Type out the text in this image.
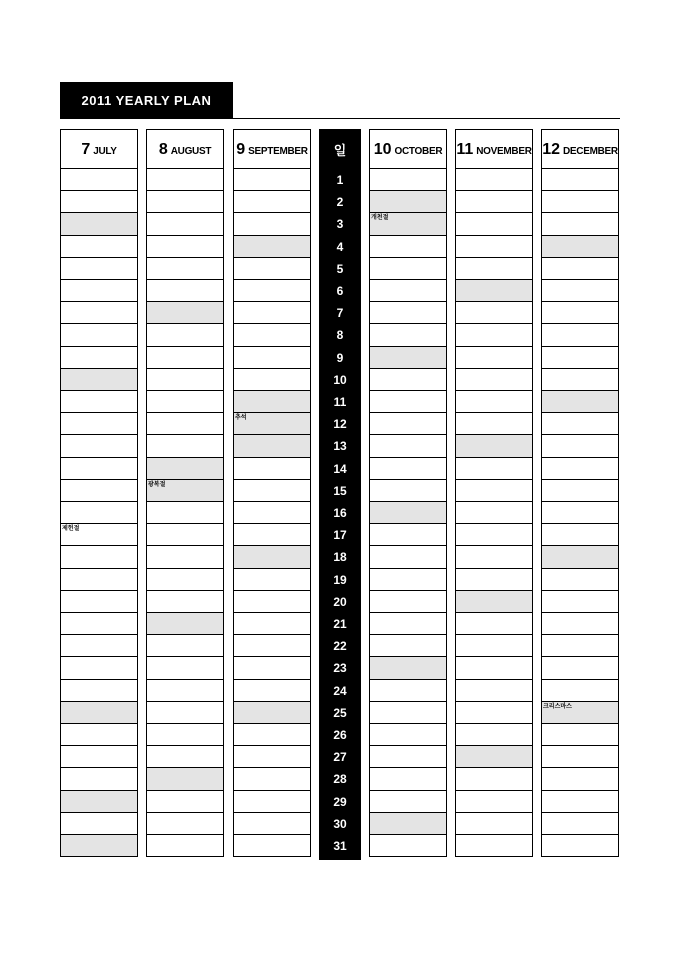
2011 YEARLY PLAN
7 JULY
제헌절
8 AUGUST
광복절
9 SEPTEMBER
추석
10 OCTOBER
개천절
11 NOVEMBER 12 DECEMBER
크리스마스
일
1
2
3
4
5
6
7
8
9
10
11
12
13
14
15
16
17
18
19
20
21
22
23
24
25
26
27
28
29
30
31
